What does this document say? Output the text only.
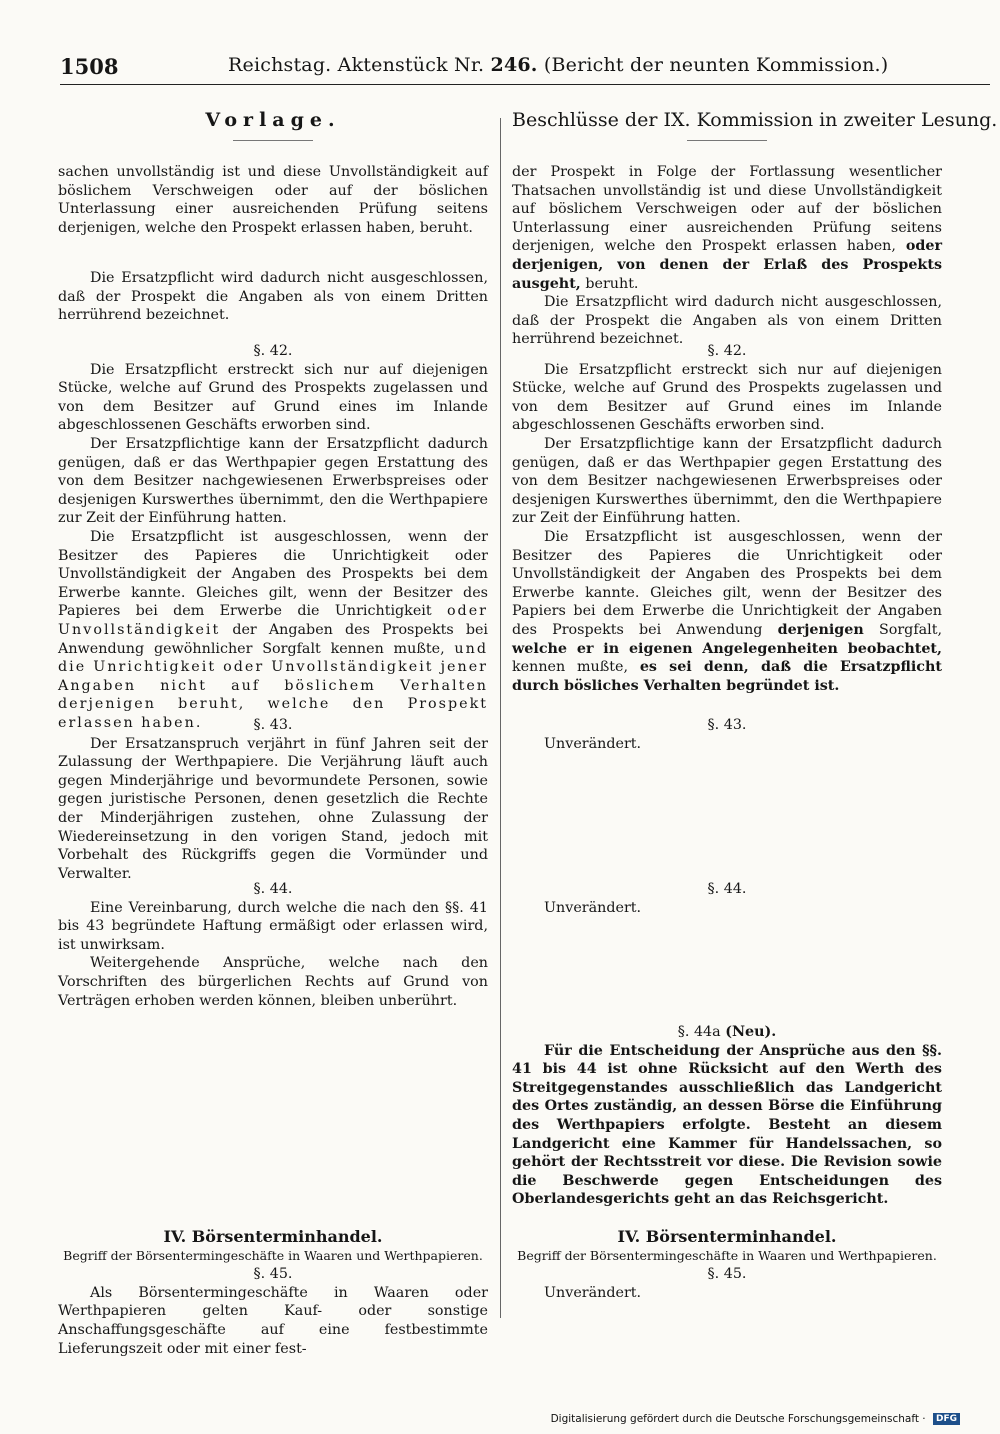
1508	Reichstag. Aktenstück Nr. 246. (Bericht der neunten Kommission.)
Vorlage.

sachen unvollständig ist und diese Unvollständigkeit auf böslichem Verschweigen oder auf der böslichen Unterlassung einer ausreichenden Prüfung seitens derjenigen, welche den Prospekt erlassen haben, beruht.

Die Ersatzpflicht wird dadurch nicht ausgeschlossen, daß der Prospekt die Angaben als von einem Dritten herrührend bezeichnet.

§. 42.

Die Ersatzpflicht erstreckt sich nur auf diejenigen Stücke, welche auf Grund des Prospekts zugelassen und von dem Besitzer auf Grund eines im Inlande abgeschlossenen Geschäfts erworben sind.

Der Ersatzpflichtige kann der Ersatzpflicht dadurch genügen, daß er das Werthpapier gegen Erstattung des von dem Besitzer nachgewiesenen Erwerbspreises oder desjenigen Kurswerthes übernimmt, den die Werthpapiere zur Zeit der Einführung hatten.

Die Ersatzpflicht ist ausgeschlossen, wenn der Besitzer des Papieres die Unrichtigkeit oder Unvollständigkeit der Angaben des Prospekts bei dem Erwerbe kannte. Gleiches gilt, wenn der Besitzer des Papieres bei dem Erwerbe die Unrichtigkeit oder Unvollständigkeit der Angaben des Prospekts bei Anwendung gewöhnlicher Sorgfalt kennen mußte, und die Unrichtigkeit oder Unvollständigkeit jener Angaben nicht auf böslichem Verhalten derjenigen beruht, welche den Prospekt erlassen haben.	§. 43.

Der Ersatzanspruch verjährt in fünf Jahren seit der Zulassung der Werthpapiere. Die Verjährung läuft auch gegen Minderjährige und bevormundete Personen, sowie gegen juristische Personen, denen gesetzlich die Rechte der Minderjährigen zustehen, ohne Zulassung der Wiedereinsetzung in den vorigen Stand, jedoch mit Vorbehalt des Rückgriffs gegen die Vormünder und Verwalter.

§. 44.

Eine Vereinbarung, durch welche die nach den §§. 41 bis 43 begründete Haftung ermäßigt oder erlassen wird, ist unwirksam.

Weitergehende Ansprüche, welche nach den Vorschriften des bürgerlichen Rechts auf Grund von Verträgen erhoben werden können, bleiben unberührt.

IV. Börsenterminhandel.

Begriff der Börsentermingeschäfte in Waaren und Werthpapieren.

§. 45.

Als Börsentermingeschäfte in Waaren oder Werthpapieren gelten Kauf- oder sonstige Anschaffungsgeschäfte auf eine festbestimmte Lieferungszeit oder mit einer fest-

Beschlüsse der IX. Kommission in zweiter Lesung.

der Prospekt in Folge der Fortlassung wesentlicher Thatsachen unvollständig ist und diese Unvollständigkeit auf böslichem Verschweigen oder auf der böslichen Unterlassung einer ausreichenden Prüfung seitens derjenigen, welche den Prospekt erlassen haben, oder derjenigen, von denen der Erlaß des Prospekts ausgeht, beruht.

Die Ersatzpflicht wird dadurch nicht ausgeschlossen, daß der Prospekt die Angaben als von einem Dritten herrührend bezeichnet.

§. 42.

Die Ersatzpflicht erstreckt sich nur auf diejenigen Stücke, welche auf Grund des Prospekts zugelassen und von dem Besitzer auf Grund eines im Inlande abgeschlossenen Geschäfts erworben sind.

Der Ersatzpflichtige kann der Ersatzpflicht dadurch genügen, daß er das Werthpapier gegen Erstattung des von dem Besitzer nachgewiesenen Erwerbspreises oder desjenigen Kurswerthes übernimmt, den die Werthpapiere zur Zeit der Einführung hatten.

Die Ersatzpflicht ist ausgeschlossen, wenn der Besitzer des Papieres die Unrichtigkeit oder Unvollständigkeit der Angaben des Prospekts bei dem Erwerbe kannte. Gleiches gilt, wenn der Besitzer des Papiers bei dem Erwerbe die Unrichtigkeit der Angaben des Prospekts bei Anwendung derjenigen Sorgfalt, welche er in eigenen Angelegenheiten beobachtet, kennen mußte, es sei denn, daß die Ersatzpflicht durch bösliches Verhalten begründet ist.

§. 43.

Unverändert.

§. 44.

Unverändert.

§. 44a (Neu).

Für die Entscheidung der Ansprüche aus den §§. 41 bis 44 ist ohne Rücksicht auf den Werth des Streitgegenstandes ausschließlich das Landgericht des Ortes zuständig, an dessen Börse die Einführung des Werthpapiers erfolgte. Besteht an diesem Landgericht eine Kammer für Handelssachen, so gehört der Rechtsstreit vor diese. Die Revision sowie die Beschwerde gegen Entscheidungen des Oberlandesgerichts geht an das Reichsgericht.

IV. Börsenterminhandel.

Begriff der Börsentermingeschäfte in Waaren und Werthpapieren.

§. 45.

Unverändert.

Digitalisierung gefördert durch die Deutsche Forschungsgemeinschaft · DFG
